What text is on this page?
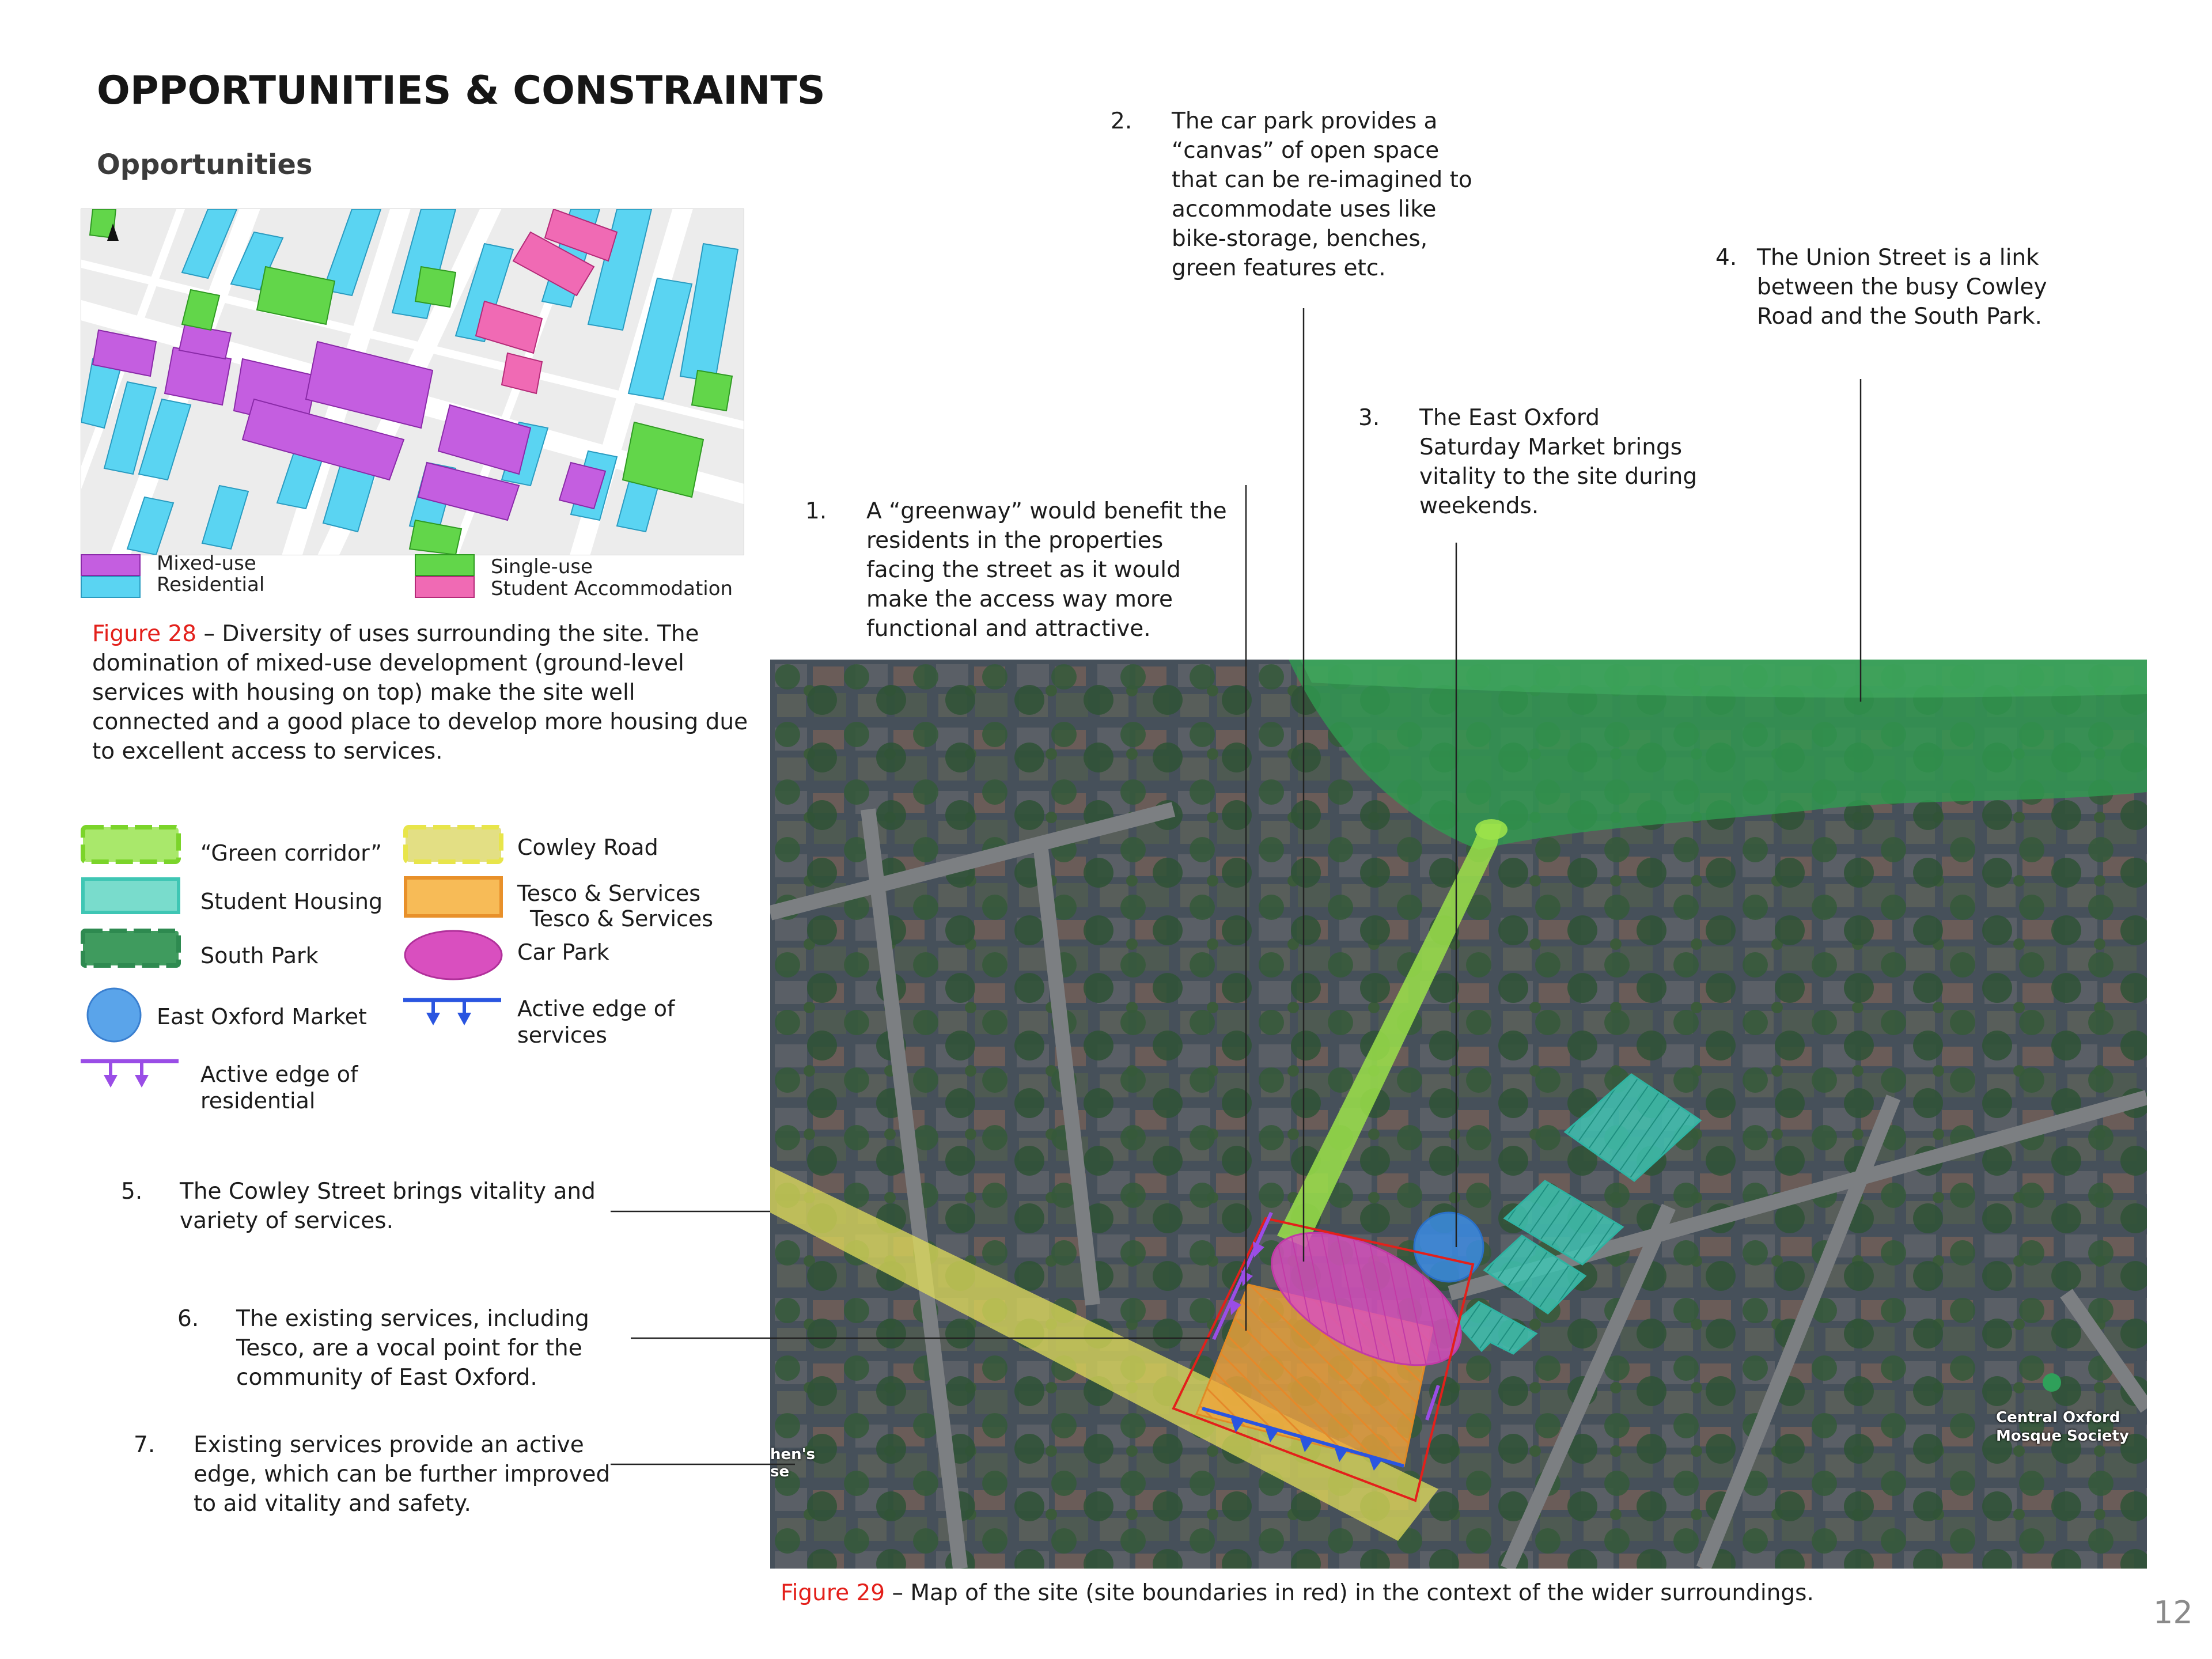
OPPORTUNITIES & CONSTRAINTS
Opportunities
Mixed-use
Residential
Single-use
Student Accommodation
Figure 28 – Diversity of uses surrounding the site. The domination of mixed-use development (ground-level services with housing on top) make the site well connected and a good place to develop more housing due to excellent access to services.
“Green corridor”
Student Housing
South Park
East Oxford Market
Active edge of residential
Cowley Road
Tesco & Services
Tesco & Services
Car Park
Active edge of services
5. The Cowley Street brings vitality and variety of services.
6. The existing services, including Tesco, are a vocal point for the community of East Oxford.
7. Existing services provide an active edge, which can be further improved to aid vitality and safety.
1. A “greenway” would benefit the residents in the properties facing the street as it would make the access way more functional and attractive.
2. The car park provides a “canvas” of open space that can be re-imagined to accommodate uses like bike-storage, benches, green features etc.
3. The East Oxford Saturday Market brings vitality to the site during weekends.
4. The Union Street is a link between the busy Cowley Road and the South Park.
Central Oxford
Mosque Society
hen's
se
Figure 29 – Map of the site (site boundaries in red) in the context of the wider surroundings.
12
